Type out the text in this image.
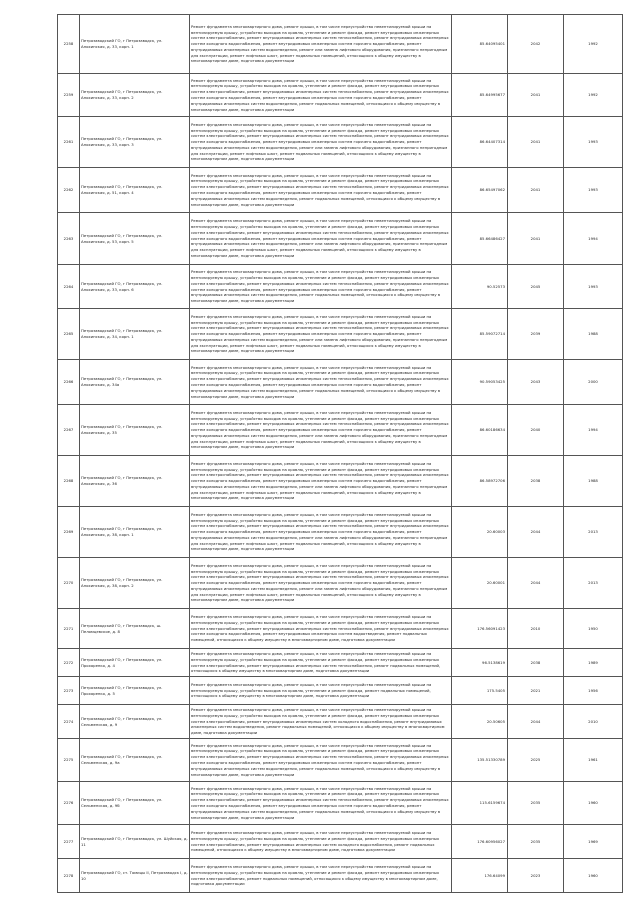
2258	Петрозаводский ГО, г Петрозаводск, ул. Анохинская, д. 33, корп. 1	Ремонт фундамента многоквартирного дома, ремонт крыши, в том числе переустройство невентилируемой крыши на вентилируемую крышу, устройство выходов на кровлю, утепление и ремонт фасада, ремонт внутридомовых инженерных систем электроснабжения, ремонт внутридомовых инженерных систем теплоснабжения, ремонт внутридомовых инженерных систем холодного водоснабжения, ремонт внутридомовых инженерных систем горячего водоснабжения, ремонт внутридомовых инженерных систем водоотведения, ремонт или замена лифтового оборудования, признанного непригодным для эксплуатации, ремонт лифтовых шахт, ремонт подвальных помещений, относящихся к общему имуществу в многоквартирном доме, подготовка документации	85.64095401	2042	1992
2259	Петрозаводский ГО, г Петрозаводск, ул. Анохинская, д. 33, корп. 2	Ремонт фундамента многоквартирного дома, ремонт крыши, в том числе переустройство невентилируемой крыши на вентилируемую крышу, устройство выходов на кровлю, утепление и ремонт фасада, ремонт внутридомовых инженерных систем электроснабжения, ремонт внутридомовых инженерных систем теплоснабжения, ремонт внутридомовых инженерных систем холодного водоснабжения, ремонт внутридомовых инженерных систем горячего водоснабжения, ремонт внутридомовых инженерных систем водоотведения, ремонт подвальных помещений, относящихся к общему имуществу в многоквартирном доме, подготовка документации	85.64995677	2041	1992
2261	Петрозаводский ГО, г Петрозаводск, ул. Анохинская, д. 33, корп. 3	Ремонт фундамента многоквартирного дома, ремонт крыши, в том числе переустройство невентилируемой крыши на вентилируемую крышу, устройство выходов на кровлю, утепление и ремонт фасада, ремонт внутридомовых инженерных систем электроснабжения, ремонт внутридомовых инженерных систем теплоснабжения, ремонт внутридомовых инженерных систем холодного водоснабжения, ремонт внутридомовых инженерных систем горячего водоснабжения, ремонт внутридомовых инженерных систем водоотведения, ремонт или замена лифтового оборудования, признанного непригодным для эксплуатации, ремонт лифтовых шахт, ремонт подвальных помещений, относящихся к общему имуществу в многоквартирном доме, подготовка документации	86.64407314	2041	1993
2262	Петрозаводский ГО, г Петрозаводск, ул. Анохинская, д. 51, корп. 4	Ремонт фундамента многоквартирного дома, ремонт крыши, в том числе переустройство невентилируемой крыши на вентилируемую крышу, устройство выходов на кровлю, утепление и ремонт фасада, ремонт внутридомовых инженерных систем электроснабжения, ремонт внутридомовых инженерных систем теплоснабжения, ремонт внутридомовых инженерных систем холодного водоснабжения, ремонт внутридомовых инженерных систем горячего водоснабжения, ремонт внутридомовых инженерных систем водоотведения, ремонт подвальных помещений, относящихся к общему имуществу в многоквартирном доме, подготовка документации	86.65497062	2041	1993
2263	Петрозаводский ГО, г Петрозаводск, ул. Анохинская, д. 53, корп. 5	Ремонт фундамента многоквартирного дома, ремонт крыши, в том числе переустройство невентилируемой крыши на вентилируемую крышу, устройство выходов на кровлю, утепление и ремонт фасада, ремонт внутридомовых инженерных систем электроснабжения, ремонт внутридомовых инженерных систем теплоснабжения, ремонт внутридомовых инженерных систем холодного водоснабжения, ремонт внутридомовых инженерных систем горячего водоснабжения, ремонт внутридомовых инженерных систем водоотведения, ремонт или замена лифтового оборудования, признанного непригодным для эксплуатации, ремонт лифтовых шахт, ремонт подвальных помещений, относящихся к общему имуществу в многоквартирном доме, подготовка документации	85.66486427	2041	1994
2264	Петрозаводский ГО, г Петрозаводск, ул. Анохинская, д. 33, корп. 6	Ремонт фундамента многоквартирного дома, ремонт крыши, в том числе переустройство невентилируемой крыши на вентилируемую крышу, устройство выходов на кровлю, утепление и ремонт фасада, ремонт внутридомовых инженерных систем электроснабжения, ремонт внутридомовых инженерных систем теплоснабжения, ремонт внутридомовых инженерных систем холодного водоснабжения, ремонт внутридомовых инженерных систем горячего водоснабжения, ремонт внутридомовых инженерных систем водоотведения, ремонт подвальных помещений, относящихся к общему имуществу в многоквартирном доме, подготовка документации	90.52573	2045	1993
2265	Петрозаводский ГО, г Петрозаводск, ул. Анохинская, д. 34, корп. 1	Ремонт фундамента многоквартирного дома, ремонт крыши, в том числе переустройство невентилируемой крыши на вентилируемую крышу, устройство выходов на кровлю, утепление и ремонт фасада, ремонт внутридомовых инженерных систем электроснабжения, ремонт внутридомовых инженерных систем теплоснабжения, ремонт внутридомовых инженерных систем холодного водоснабжения, ремонт внутридомовых инженерных систем горячего водоснабжения, ремонт внутридомовых инженерных систем водоотведения, ремонт или замена лифтового оборудования, признанного непригодным для эксплуатации, ремонт лифтовых шахт, ремонт подвальных помещений, относящихся к общему имуществу в многоквартирном доме, подготовка документации	85.59072714	2039	1988
2266	Петрозаводский ГО, г Петрозаводск, ул. Анохинская, д. 34а	Ремонт фундамента многоквартирного дома, ремонт крыши, в том числе переустройство невентилируемой крыши на вентилируемую крышу, устройство выходов на кровлю, утепление и ремонт фасада, ремонт внутридомовых инженерных систем электроснабжения, ремонт внутридомовых инженерных систем теплоснабжения, ремонт внутридомовых инженерных систем холодного водоснабжения, ремонт внутридомовых инженерных систем горячего водоснабжения, ремонт внутридомовых инженерных систем водоотведения, ремонт подвальных помещений, относящихся к общему имуществу в многоквартирном доме, подготовка документации	90.59053425	2043	2000
2267	Петрозаводский ГО, г Петрозаводск, ул. Анохинская, д. 35	Ремонт фундамента многоквартирного дома, ремонт крыши, в том числе переустройство невентилируемой крыши на вентилируемую крышу, устройство выходов на кровлю, утепление и ремонт фасада, ремонт внутридомовых инженерных систем электроснабжения, ремонт внутридомовых инженерных систем теплоснабжения, ремонт внутридомовых инженерных систем холодного водоснабжения, ремонт внутридомовых инженерных систем горячего водоснабжения, ремонт внутридомовых инженерных систем водоотведения, ремонт или замена лифтового оборудования, признанного непригодным для эксплуатации, ремонт лифтовых шахт, ремонт подвальных помещений, относящихся к общему имуществу в многоквартирном доме, подготовка документации	86.60186634	2040	1994
2268	Петрозаводский ГО, г Петрозаводск, ул. Анохинская, д. 36	Ремонт фундамента многоквартирного дома, ремонт крыши, в том числе переустройство невентилируемой крыши на вентилируемую крышу, устройство выходов на кровлю, утепление и ремонт фасада, ремонт внутридомовых инженерных систем электроснабжения, ремонт внутридомовых инженерных систем теплоснабжения, ремонт внутридомовых инженерных систем холодного водоснабжения, ремонт внутридомовых инженерных систем горячего водоснабжения, ремонт внутридомовых инженерных систем водоотведения, ремонт или замена лифтового оборудования, признанного непригодным для эксплуатации, ремонт лифтовых шахт, ремонт подвальных помещений, относящихся к общему имуществу в многоквартирном доме, подготовка документации	86.58972706	2038	1988
2269	Петрозаводский ГО, г Петрозаводск, ул. Анохинская, д. 38, корп. 1	Ремонт фундамента многоквартирного дома, ремонт крыши, в том числе переустройство невентилируемой крыши на вентилируемую крышу, устройство выходов на кровлю, утепление и ремонт фасада, ремонт внутридомовых инженерных систем электроснабжения, ремонт внутридомовых инженерных систем теплоснабжения, ремонт внутридомовых инженерных систем холодного водоснабжения, ремонт внутридомовых инженерных систем горячего водоснабжения, ремонт внутридомовых инженерных систем водоотведения, ремонт или замена лифтового оборудования, признанного непригодным для эксплуатации, ремонт лифтовых шахт, ремонт подвальных помещений, относящихся к общему имуществу в многоквартирном доме, подготовка документации	20.60003	2044	2013
2270	Петрозаводский ГО, г Петрозаводск, ул. Анохинская, д. 38, корп. 2	Ремонт фундамента многоквартирного дома, ремонт крыши, в том числе переустройство невентилируемой крыши на вентилируемую крышу, устройство выходов на кровлю, утепление и ремонт фасада, ремонт внутридомовых инженерных систем электроснабжения, ремонт внутридомовых инженерных систем теплоснабжения, ремонт внутридомовых инженерных систем холодного водоснабжения, ремонт внутридомовых инженерных систем горячего водоснабжения, ремонт внутридомовых инженерных систем водоотведения, ремонт или замена лифтового оборудования, признанного непригодным для эксплуатации, ремонт лифтовых шахт, ремонт подвальных помещений, относящихся к общему имуществу в многоквартирном доме, подготовка документации	20.60001	2044	2013
2271	Петрозаводский ГО, г Петрозаводск, ш. Пеломцевское, д. 8	Ремонт фундамента многоквартирного дома, ремонт крыши, в том числе переустройство невентилируемой крыши на вентилируемую крышу, устройство выходов на кровлю, утепление и ремонт фасада, ремонт внутридомовых инженерных систем электроснабжения, ремонт внутридомовых инженерных систем теплоснабжения, ремонт внутридомовых инженерных систем холодного водоснабжения, ремонт внутридомовых инженерных систем водоотведения, ремонт подвальных помещений, относящихся к общему имуществу в многоквартирном доме, подготовка документации	176.56091423	2010	1950
2272	Петрозаводский ГО, г Петрозаводск, ул. Прохоренко, д. 4	Ремонт фундамента многоквартирного дома, ремонт крыши, в том числе переустройство невентилируемой крыши на вентилируемую крышу, устройство выходов на кровлю, утепление и ремонт фасада, ремонт внутридомовых инженерных систем электроснабжения, ремонт внутридомовых инженерных систем теплоснабжения, ремонт подвальных помещений, относящихся к общему имуществу в многоквартирном доме, подготовка документации	96.5138619	2038	1989
2273	Петрозаводский ГО, г Петрозаводск, ул. Прохоренко, д. 5	Ремонт фундамента многоквартирного дома, ремонт крыши, в том числе переустройство невентилируемой крыши на вентилируемую крышу, устройство выходов на кровлю, утепление и ремонт фасада, ремонт подвальных помещений, относящихся к общему имуществу в многоквартирном доме, подготовка документации	175.5405	2021	1956
2274	Петрозаводский ГО, г Петрозаводск, ул. Сельменская, д. 9	Ремонт фундамента многоквартирного дома, ремонт крыши, в том числе переустройство невентилируемой крыши на вентилируемую крышу, устройство выходов на кровлю, утепление и ремонт фасада, ремонт внутридомовых инженерных систем электроснабжения, ремонт внутридомовых инженерных систем холодного водоснабжения, ремонт внутридомовых инженерных систем водоотведения, ремонт подвальных помещений, относящихся к общему имуществу в многоквартирном доме, подготовка документации	20.50605	2044	2010
2275	Петрозаводский ГО, г Петрозаводск, ул. Сельменская, д. 9а	Ремонт фундамента многоквартирного дома, ремонт крыши, в том числе переустройство невентилируемой крыши на вентилируемую крышу, устройство выходов на кровлю, утепление и ремонт фасада, ремонт внутридомовых инженерных систем электроснабжения, ремонт внутридомовых инженерных систем теплоснабжения, ремонт внутридомовых инженерных систем холодного водоснабжения, ремонт внутридомовых инженерных систем горячего водоснабжения, ремонт внутридомовых инженерных систем водоотведения, ремонт подвальных помещений, относящихся к общему имуществу в многоквартирном доме, подготовка документации	135.51330789	2025	1961
2276	Петрозаводский ГО, г Петрозаводск, ул. Сельменская, д. 9б	Ремонт фундамента многоквартирного дома, ремонт крыши, в том числе переустройство невентилируемой крыши на вентилируемую крышу, устройство выходов на кровлю, утепление и ремонт фасада, ремонт внутридомовых инженерных систем электроснабжения, ремонт внутридомовых инженерных систем теплоснабжения, ремонт внутридомовых инженерных систем холодного водоснабжения, ремонт внутридомовых инженерных систем горячего водоснабжения, ремонт внутридомовых инженерных систем водоотведения, ремонт подвальных помещений, относящихся к общему имуществу в многоквартирном доме, подготовка документации	115.6159674	2035	1960
2277	Петрозаводский ГО, г Петрозаводск, ул. Шуйская, д. 11	Ремонт фундамента многоквартирного дома, ремонт крыши, в том числе переустройство невентилируемой крыши на вентилируемую крышу, устройство выходов на кровлю, утепление и ремонт фасада, ремонт внутридомовых инженерных систем электроснабжения, ремонт внутридомовых инженерных систем холодного водоснабжения, ремонт подвальных помещений, относящихся к общему имуществу в многоквартирном доме, подготовка документации	176.60956027	2035	1969
2278	Петрозаводский ГО, ст. Томицы II, Петрозаводск I, д. 10	Ремонт фундамента многоквартирного дома, ремонт крыши, в том числе переустройство невентилируемой крыши на вентилируемую крышу, устройство выходов на кровлю, утепление и ремонт фасада, ремонт внутридомовых инженерных систем электроснабжения, ремонт подвальных помещений, относящихся к общему имуществу в многоквартирном доме, подготовка документации	176.64099	2023	1960
